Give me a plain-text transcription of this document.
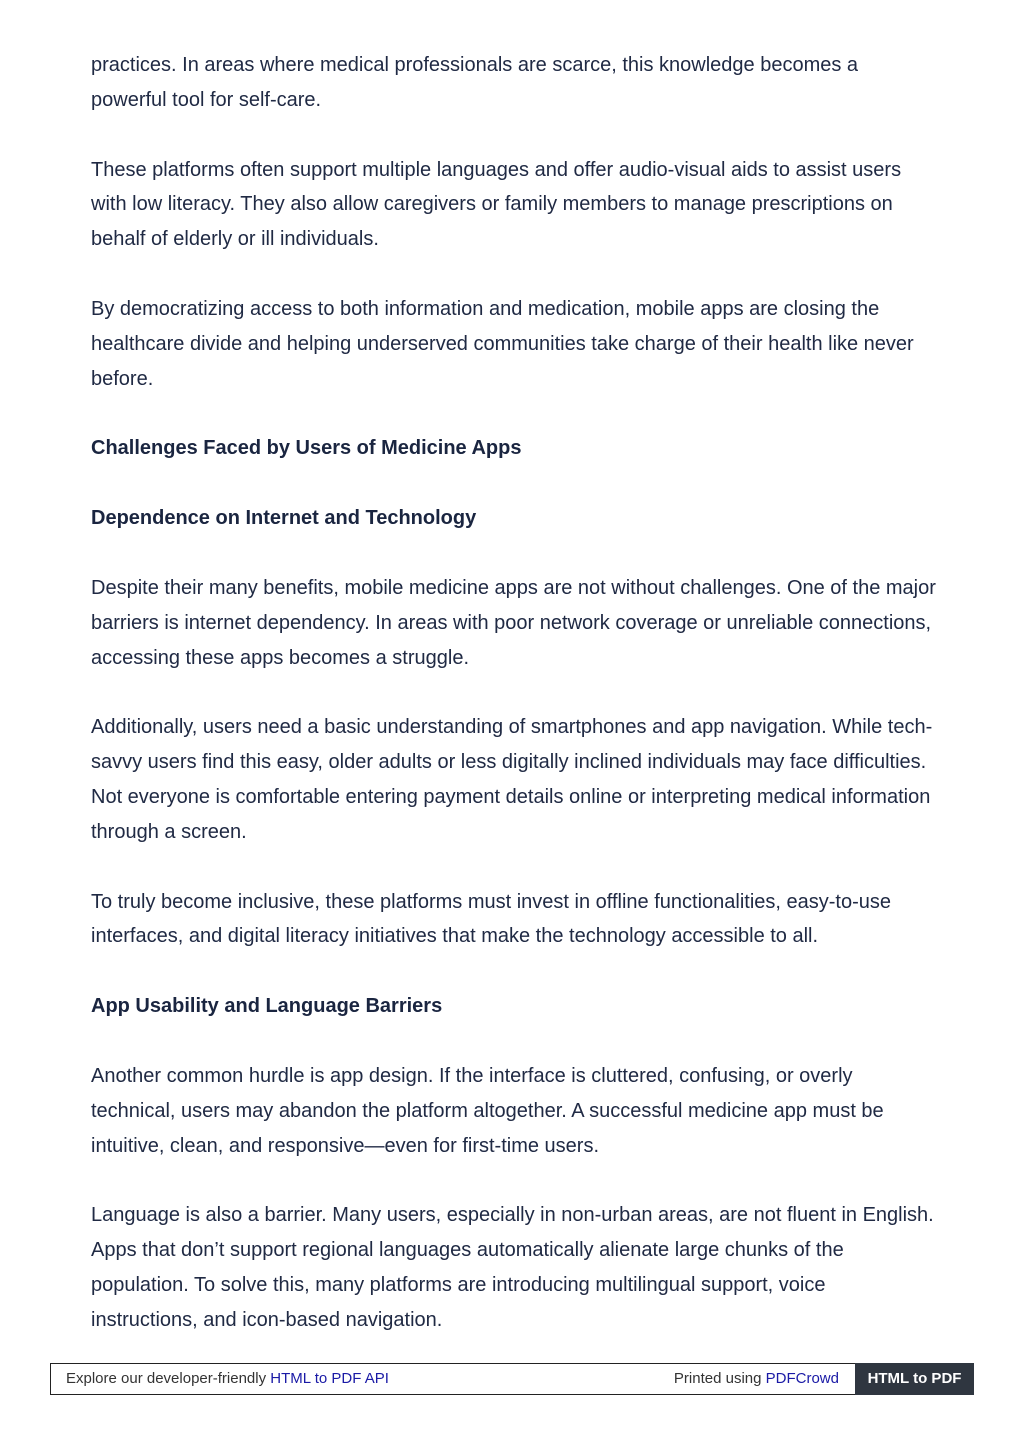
practices. In areas where medical professionals are scarce, this knowledge becomes a powerful tool for self-care.

These platforms often support multiple languages and offer audio-visual aids to assist users with low literacy. They also allow caregivers or family members to manage prescriptions on behalf of elderly or ill individuals.

By democratizing access to both information and medication, mobile apps are closing the healthcare divide and helping underserved communities take charge of their health like never before.

Challenges Faced by Users of Medicine Apps

Dependence on Internet and Technology

Despite their many benefits, mobile medicine apps are not without challenges. One of the major barriers is internet dependency. In areas with poor network coverage or unreliable connections, accessing these apps becomes a struggle.

Additionally, users need a basic understanding of smartphones and app navigation. While tech-savvy users find this easy, older adults or less digitally inclined individuals may face difficulties. Not everyone is comfortable entering payment details online or interpreting medical information through a screen.

To truly become inclusive, these platforms must invest in offline functionalities, easy-to-use interfaces, and digital literacy initiatives that make the technology accessible to all.

App Usability and Language Barriers

Another common hurdle is app design. If the interface is cluttered, confusing, or overly technical, users may abandon the platform altogether. A successful medicine app must be intuitive, clean, and responsive—even for first-time users.

Language is also a barrier. Many users, especially in non-urban areas, are not fluent in English. Apps that don’t support regional languages automatically alienate large chunks of the population. To solve this, many platforms are introducing multilingual support, voice instructions, and icon-based navigation.

Explore our developer-friendly HTML to PDF API	Printed using PDFCrowd	HTML to PDF
